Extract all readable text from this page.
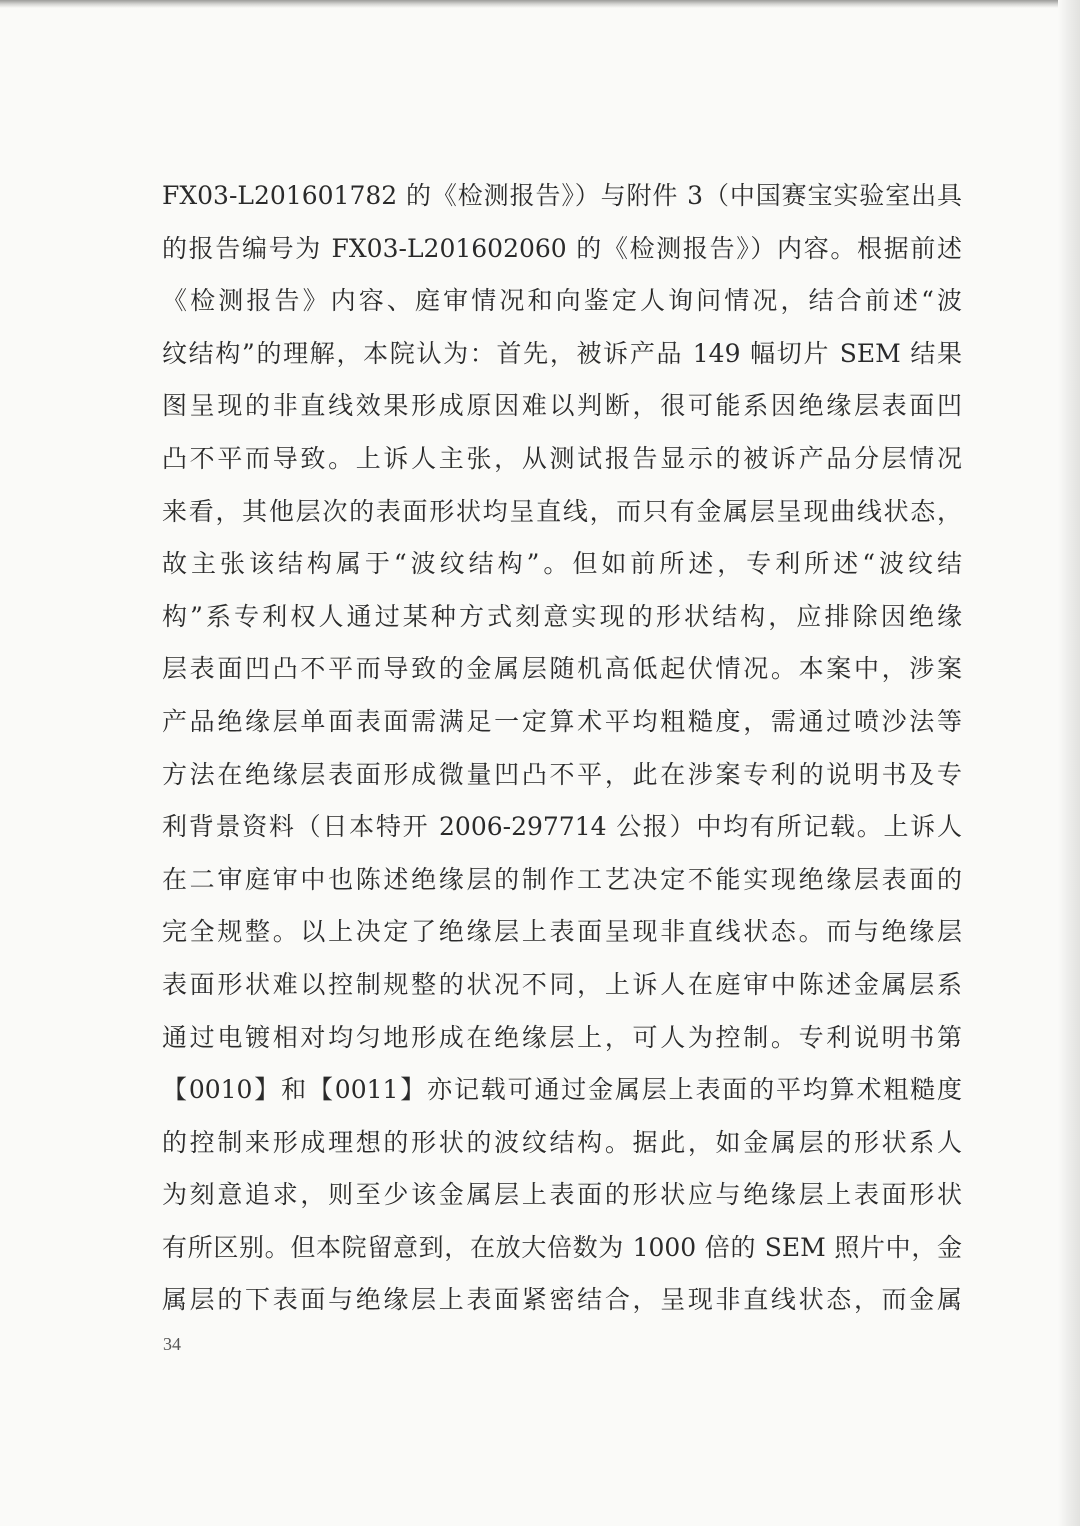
FX03-L201601782 的《检测报告》）与附件 3（中国赛宝实验室出具
的报告编号为 FX03-L201602060 的《检测报告》）内容。根据前述
《检测报告》内容、庭审情况和向鉴定人询问情况，结合前述“波
纹结构”的理解，本院认为：首先，被诉产品 149 幅切片 SEM 结果
图呈现的非直线效果形成原因难以判断，很可能系因绝缘层表面凹
凸不平而导致。上诉人主张，从测试报告显示的被诉产品分层情况
来看，其他层次的表面形状均呈直线，而只有金属层呈现曲线状态，
故主张该结构属于“波纹结构”。但如前所述，专利所述“波纹结
构”系专利权人通过某种方式刻意实现的形状结构，应排除因绝缘
层表面凹凸不平而导致的金属层随机高低起伏情况。本案中，涉案
产品绝缘层单面表面需满足一定算术平均粗糙度，需通过喷沙法等
方法在绝缘层表面形成微量凹凸不平，此在涉案专利的说明书及专
利背景资料（日本特开 2006-297714 公报）中均有所记载。上诉人
在二审庭审中也陈述绝缘层的制作工艺决定不能实现绝缘层表面的
完全规整。以上决定了绝缘层上表面呈现非直线状态。而与绝缘层
表面形状难以控制规整的状况不同，上诉人在庭审中陈述金属层系
通过电镀相对均匀地形成在绝缘层上，可人为控制。专利说明书第
【0010】和【0011】亦记载可通过金属层上表面的平均算术粗糙度
的控制来形成理想的形状的波纹结构。据此，如金属层的形状系人
为刻意追求，则至少该金属层上表面的形状应与绝缘层上表面形状
有所区别。但本院留意到，在放大倍数为 1000 倍的 SEM 照片中，金
属层的下表面与绝缘层上表面紧密结合，呈现非直线状态，而金属
34
